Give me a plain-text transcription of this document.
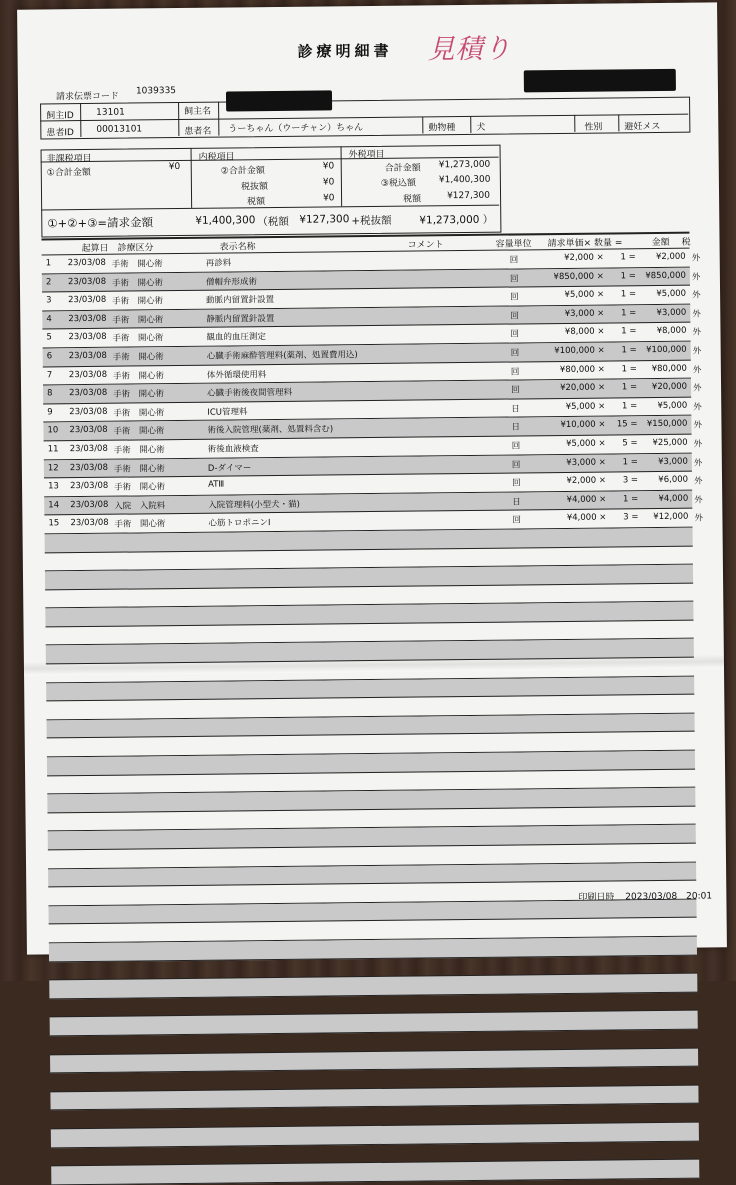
診療明細書 見積り
請求伝票コード
1039335
飼主ID 13101	飼主名
患者ID 00013101	患者名 うーちゃん（ウーチャン）ちゃん	動物種 犬	性別 避妊メス
非課税項目
①合計金額
¥0
内税項目
②合計金額	¥0
税抜額	¥0
税額	¥0
外税項目
合計金額 ¥1,273,000
③税込額	¥1,400,300
税額	¥127,300
①+②+③=請求金額	¥1,400,300 （税額 ¥127,300 +税抜額	¥1,273,000 ）
起算日 診療区分	表示名称	コメント	容量単位 請求単価× 数量 =	金額 税
1 23/03/08 手術　開心術	再診料	回	¥2,000 ×	1 =	¥2,000 外
2 23/03/08 手術　開心術	僧帽弁形成術	回	¥850,000 ×	1 =	¥850,000 外
3 23/03/08 手術　開心術	動脈内留置針設置	回	¥5,000 ×	1 =	¥5,000 外
4 23/03/08 手術　開心術	静脈内留置針設置	回	¥3,000 ×	1 =	¥3,000 外
5 23/03/08 手術　開心術	観血的血圧測定	回	¥8,000 ×	1 =	¥8,000 外
6 23/03/08 手術　開心術	心臓手術麻酔管理料(薬剤、処置費用込)	回	¥100,000 ×	1 =	¥100,000 外
7 23/03/08 手術　開心術	体外循環使用料	回	¥80,000 ×	1 =	¥80,000 外
8 23/03/08 手術　開心術	心臓手術後夜間管理料	回	¥20,000 ×	1 =	¥20,000 外
9 23/03/08 手術　開心術	ICU管理料	日	¥5,000 ×	1 =	¥5,000 外
10 23/03/08 手術　開心術	術後入院管理(薬剤、処置料含む)	日	¥10,000 ×	15 =	¥150,000 外
11 23/03/08 手術　開心術	術後血液検査	回	¥5,000 ×	5 =	¥25,000 外
12 23/03/08 手術　開心術	D-ダイマー	回	¥3,000 ×	1 =	¥3,000 外
13 23/03/08 手術　開心術	ATⅢ	回	¥2,000 ×	3 =	¥6,000 外
14 23/03/08 入院　入院料	入院管理料(小型犬・猫)	日	¥4,000 ×	1 =	¥4,000 外
15 23/03/08 手術　開心術	心筋トロポニンI	回	¥4,000 ×	3 =	¥12,000 外
印刷日時 2023/03/08　20:01
